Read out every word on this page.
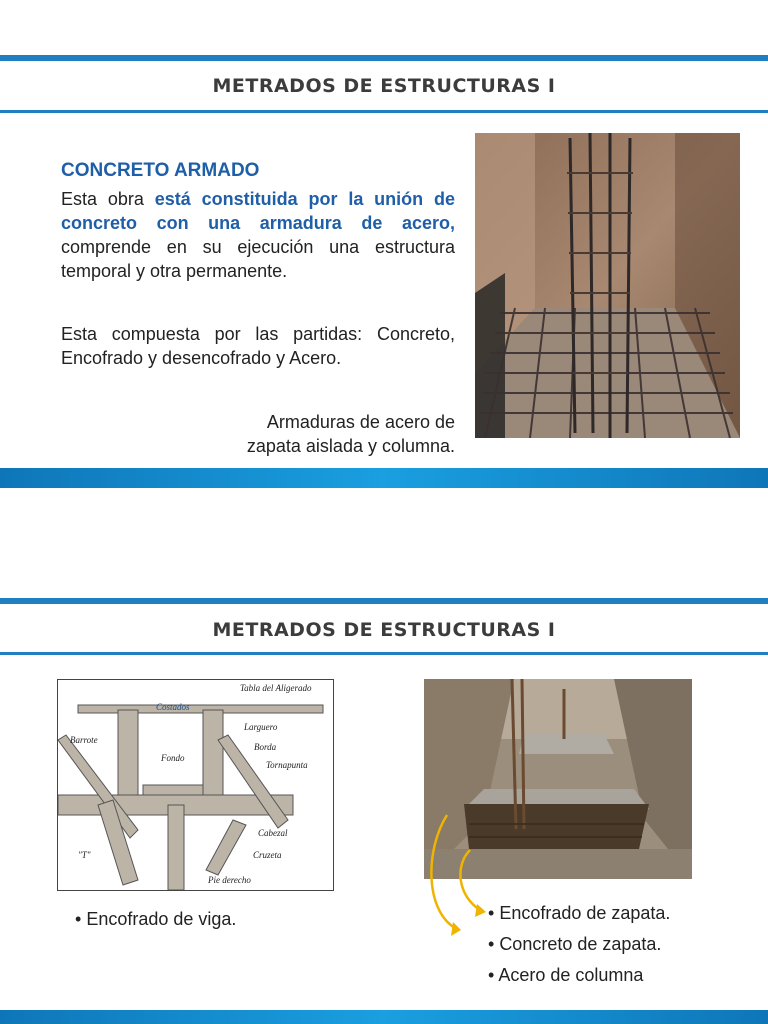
METRADOS DE ESTRUCTURAS I
CONCRETO ARMADO
Esta obra está constituida por la unión de concreto con una armadura de acero, comprende en su ejecución una estructura temporal y otra permanente.
Esta compuesta por las partidas: Concreto, Encofrado y desencofrado y Acero.
Armaduras de acero de
zapata aislada y columna.
METRADOS DE ESTRUCTURAS I
Tabla del Aligerado
Costados
Larguero
Barrote
Borda
Fondo
Tornapunta
Cabezal
"T"	Cruzeta
Pie derecho
• Encofrado de viga.
•	Encofrado de zapata.
• Concreto de zapata.
• Acero de columna
